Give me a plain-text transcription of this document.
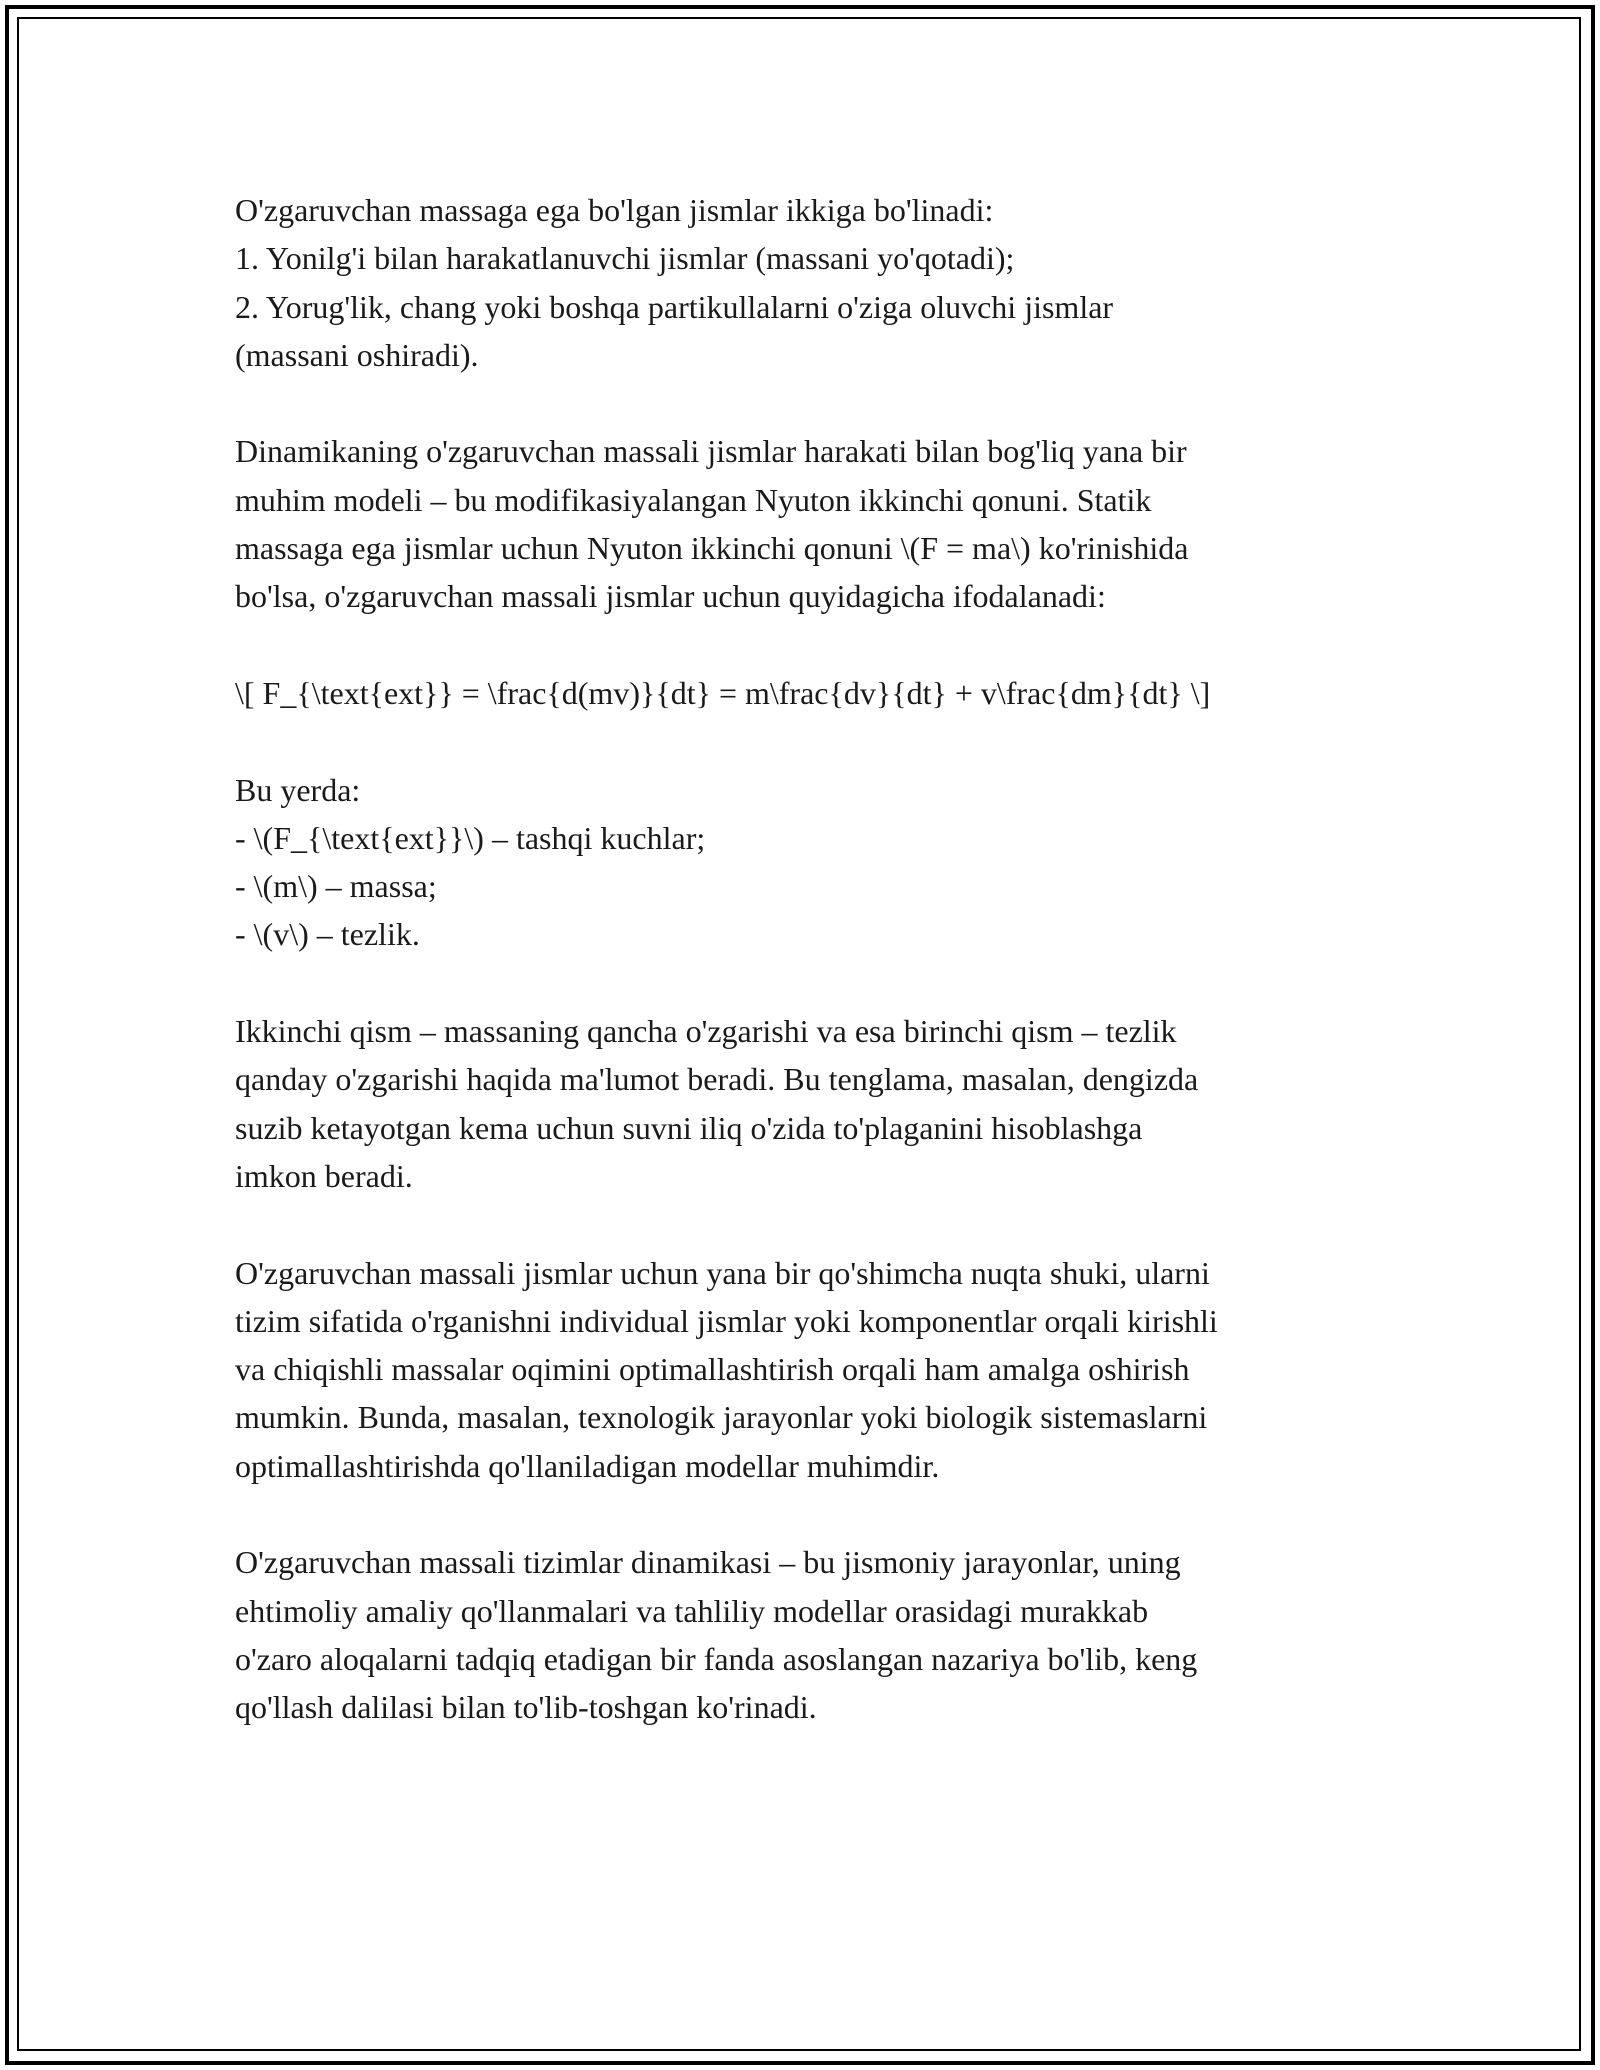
O'zgaruvchan massaga ega bo'lgan jismlar ikkiga bo'linadi:
1. Yonilg'i bilan harakatlanuvchi jismlar (massani yo'qotadi);
2. Yorug'lik, chang yoki boshqa partikullalarni o'ziga oluvchi jismlar
(massani oshiradi).

Dinamikaning o'zgaruvchan massali jismlar harakati bilan bog'liq yana bir
muhim modeli – bu modifikasiyalangan Nyuton ikkinchi qonuni. Statik
massaga ega jismlar uchun Nyuton ikkinchi qonuni \(F = ma\) ko'rinishida
bo'lsa, o'zgaruvchan massali jismlar uchun quyidagicha ifodalanadi:

\[ F_{\text{ext}} = \frac{d(mv)}{dt} = m\frac{dv}{dt} + v\frac{dm}{dt} \]

Bu yerda:
- \(F_{\text{ext}}\) – tashqi kuchlar;
- \(m\) – massa;
- \(v\) – tezlik.

Ikkinchi qism – massaning qancha o'zgarishi va esa birinchi qism – tezlik
qanday o'zgarishi haqida ma'lumot beradi. Bu tenglama, masalan, dengizda
suzib ketayotgan kema uchun suvni iliq o'zida to'plaganini hisoblashga
imkon beradi.

O'zgaruvchan massali jismlar uchun yana bir qo'shimcha nuqta shuki, ularni
tizim sifatida o'rganishni individual jismlar yoki komponentlar orqali kirishli
va chiqishli massalar oqimini optimallashtirish orqali ham amalga oshirish
mumkin. Bunda, masalan, texnologik jarayonlar yoki biologik sistemaslarni
optimallashtirishda qo'llaniladigan modellar muhimdir.

O'zgaruvchan massali tizimlar dinamikasi – bu jismoniy jarayonlar, uning
ehtimoliy amaliy qo'llanmalari va tahliliy modellar orasidagi murakkab
o'zaro aloqalarni tadqiq etadigan bir fanda asoslangan nazariya bo'lib, keng
qo'llash dalilasi bilan to'lib-toshgan ko'rinadi.
